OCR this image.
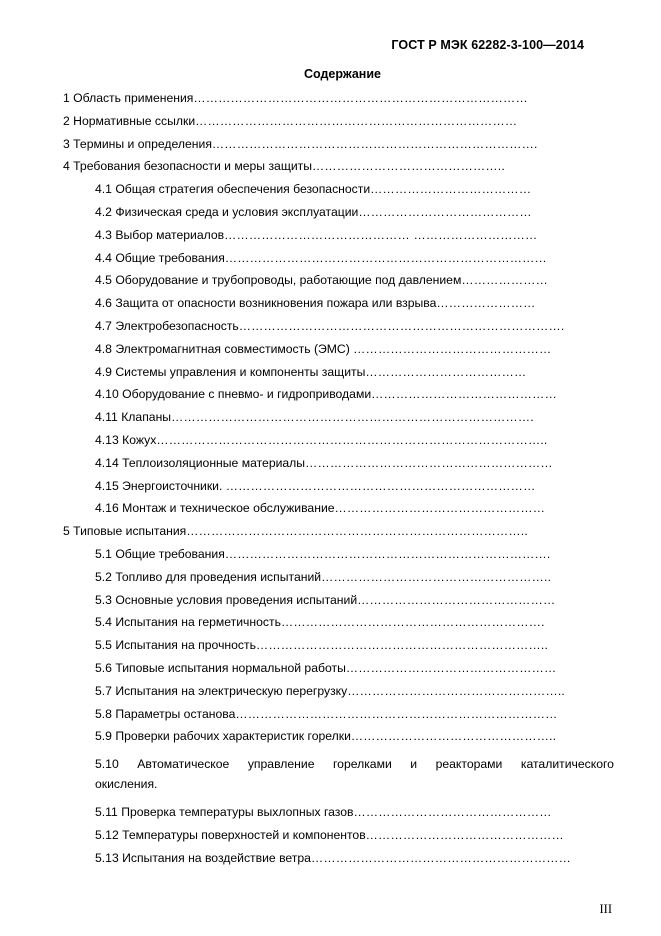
ГОСТ Р МЭК 62282-3-100—2014
Содержание
1 Область применения………………………………………………………………………
2 Нормативные ссылки……………………………………………………………………
3 Термины и определения…………………………………………………………………….
4 Требования безопасности и меры защиты………………………………………..
4.1 Общая стратегия обеспечения безопасности…………………………………
4.2 Физическая среда и условия эксплуатации……………………………………
4.3 Выбор материалов……………………………………… …………………………
4.4 Общие требования……………………………………………………………………
4.5 Оборудование и трубопроводы, работающие под давлением…………………
4.6 Защита от опасности возникновения пожара или взрыва……………………
4.7 Электробезопасность…………………………………………………………………….
4.8 Электромагнитная совместимость (ЭМС) …………………………………………
4.9 Системы управления и компоненты защиты…………………………………
4.10 Оборудование с пневмо- и гидроприводами………………………………………
4.11 Клапаны…………………………………………………………………………….
4.13 Кожух…………………………………………………………………………………..
4.14 Теплоизоляционные материалы……………………………………………………
4.15 Энергоисточники. …………………………………………………………………
4.16 Монтаж и техническое обслуживание……………………………………………
5 Типовые испытания………………………………………………………………………..
5.1 Общие требования…………………………………………………………………….
5.2 Топливо для проведения испытаний………………………………………………..
5.3 Основные условия проведения испытаний…………………………………………
5.4 Испытания на герметичность……………………………………………………….
5.5 Испытания на прочность……………………………………………………………..
5.6 Типовые испытания нормальной работы……………………………………………
5.7 Испытания на электрическую перегрузку……………………………………………..
5.8 Параметры останова……………………………………………………………………
5.9 Проверки рабочих характеристик горелки…………………………………………..
5.10 Автоматическое управление горелками и реакторами каталитического
окисления.
5.11 Проверка температуры выхлопных газов…………………………………………
5.12 Температуры поверхностей и компонентов…………………………………………
5.13 Испытания на воздействие ветра………………………………………………………
III
